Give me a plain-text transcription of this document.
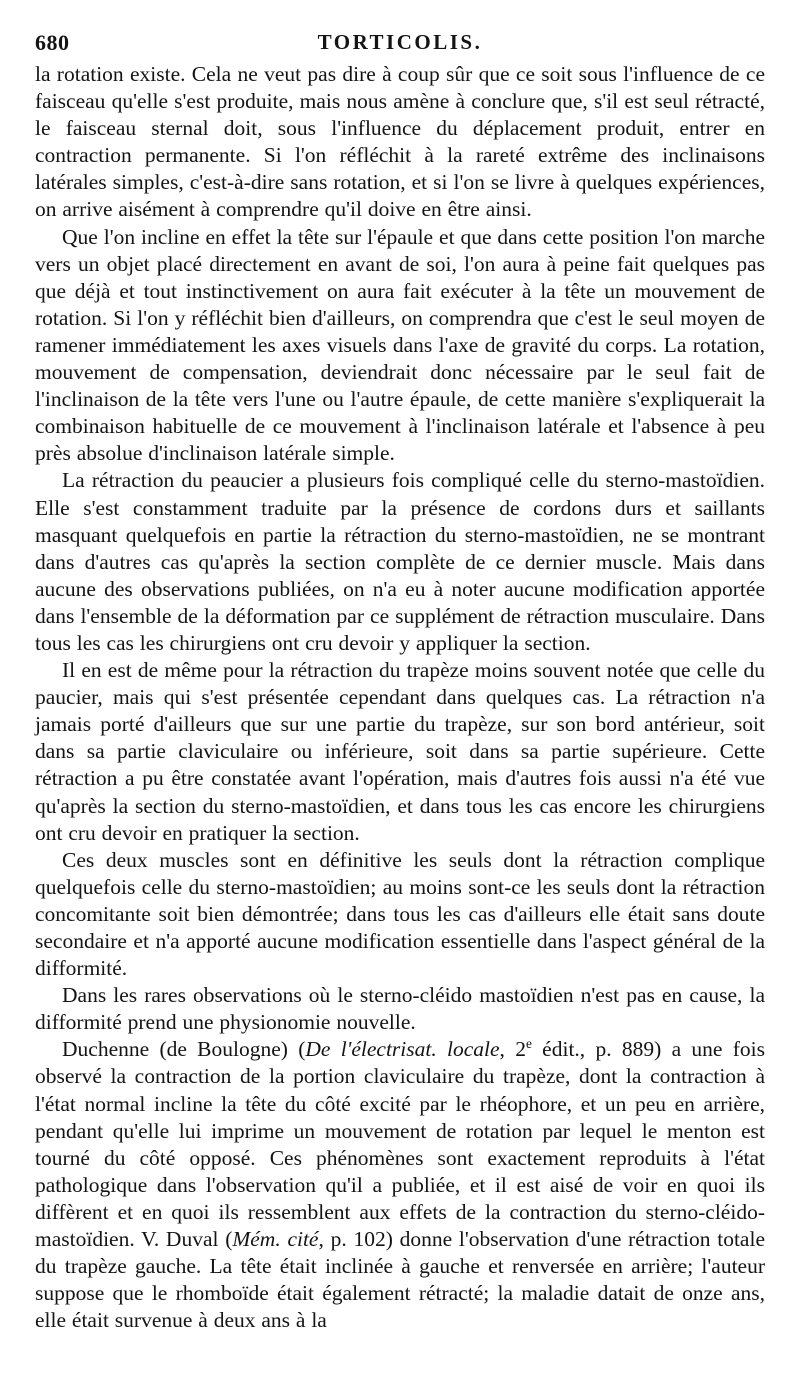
680	TORTICOLIS.

la rotation existe. Cela ne veut pas dire à coup sûr que ce soit sous l'influence de ce faisceau qu'elle s'est produite, mais nous amène à conclure que, s'il est seul rétracté, le faisceau sternal doit, sous l'influence du déplacement produit, entrer en contraction permanente. Si l'on réfléchit à la rareté extrême des inclinaisons latérales simples, c'est-à-dire sans rotation, et si l'on se livre à quelques expériences, on arrive aisément à comprendre qu'il doive en être ainsi.

Que l'on incline en effet la tête sur l'épaule et que dans cette position l'on marche vers un objet placé directement en avant de soi, l'on aura à peine fait quelques pas que déjà et tout instinctivement on aura fait exécuter à la tête un mouvement de rotation. Si l'on y réfléchit bien d'ailleurs, on comprendra que c'est le seul moyen de ramener immédiatement les axes visuels dans l'axe de gravité du corps. La rotation, mouvement de compensation, deviendrait donc nécessaire par le seul fait de l'inclinaison de la tête vers l'une ou l'autre épaule, de cette manière s'expliquerait la combinaison habituelle de ce mouvement à l'inclinaison latérale et l'absence à peu près absolue d'inclinaison latérale simple.

La rétraction du peaucier a plusieurs fois compliqué celle du sterno-mastoïdien. Elle s'est constamment traduite par la présence de cordons durs et saillants masquant quelquefois en partie la rétraction du sterno-mastoïdien, ne se montrant dans d'autres cas qu'après la section complète de ce dernier muscle. Mais dans aucune des observations publiées, on n'a eu à noter aucune modification apportée dans l'ensemble de la déformation par ce supplément de rétraction musculaire. Dans tous les cas les chirurgiens ont cru devoir y appliquer la section.

Il en est de même pour la rétraction du trapèze moins souvent notée que celle du paucier, mais qui s'est présentée cependant dans quelques cas. La rétraction n'a jamais porté d'ailleurs que sur une partie du trapèze, sur son bord antérieur, soit dans sa partie claviculaire ou inférieure, soit dans sa partie supérieure. Cette rétraction a pu être constatée avant l'opération, mais d'autres fois aussi n'a été vue qu'après la section du sterno-mastoïdien, et dans tous les cas encore les chirurgiens ont cru devoir en pratiquer la section.

Ces deux muscles sont en définitive les seuls dont la rétraction complique quelquefois celle du sterno-mastoïdien; au moins sont-ce les seuls dont la rétraction concomitante soit bien démontrée; dans tous les cas d'ailleurs elle était sans doute secondaire et n'a apporté aucune modification essentielle dans l'aspect général de la difformité.

Dans les rares observations où le sterno-cléido mastoïdien n'est pas en cause, la difformité prend une physionomie nouvelle.

Duchenne (de Boulogne) (De l'électrisat. locale, 2e édit., p. 889) a une fois observé la contraction de la portion claviculaire du trapèze, dont la contraction à l'état normal incline la tête du côté excité par le rhéophore, et un peu en arrière, pendant qu'elle lui imprime un mouvement de rotation par lequel le menton est tourné du côté opposé. Ces phénomènes sont exactement reproduits à l'état pathologique dans l'observation qu'il a publiée, et il est aisé de voir en quoi ils diffèrent et en quoi ils ressemblent aux effets de la contraction du sterno-cléido-mastoïdien. V. Duval (Mém. cité, p. 102) donne l'observation d'une rétraction totale du trapèze gauche. La tête était inclinée à gauche et renversée en arrière; l'auteur suppose que le rhomboïde était également rétracté; la maladie datait de onze ans, elle était survenue à deux ans à la
